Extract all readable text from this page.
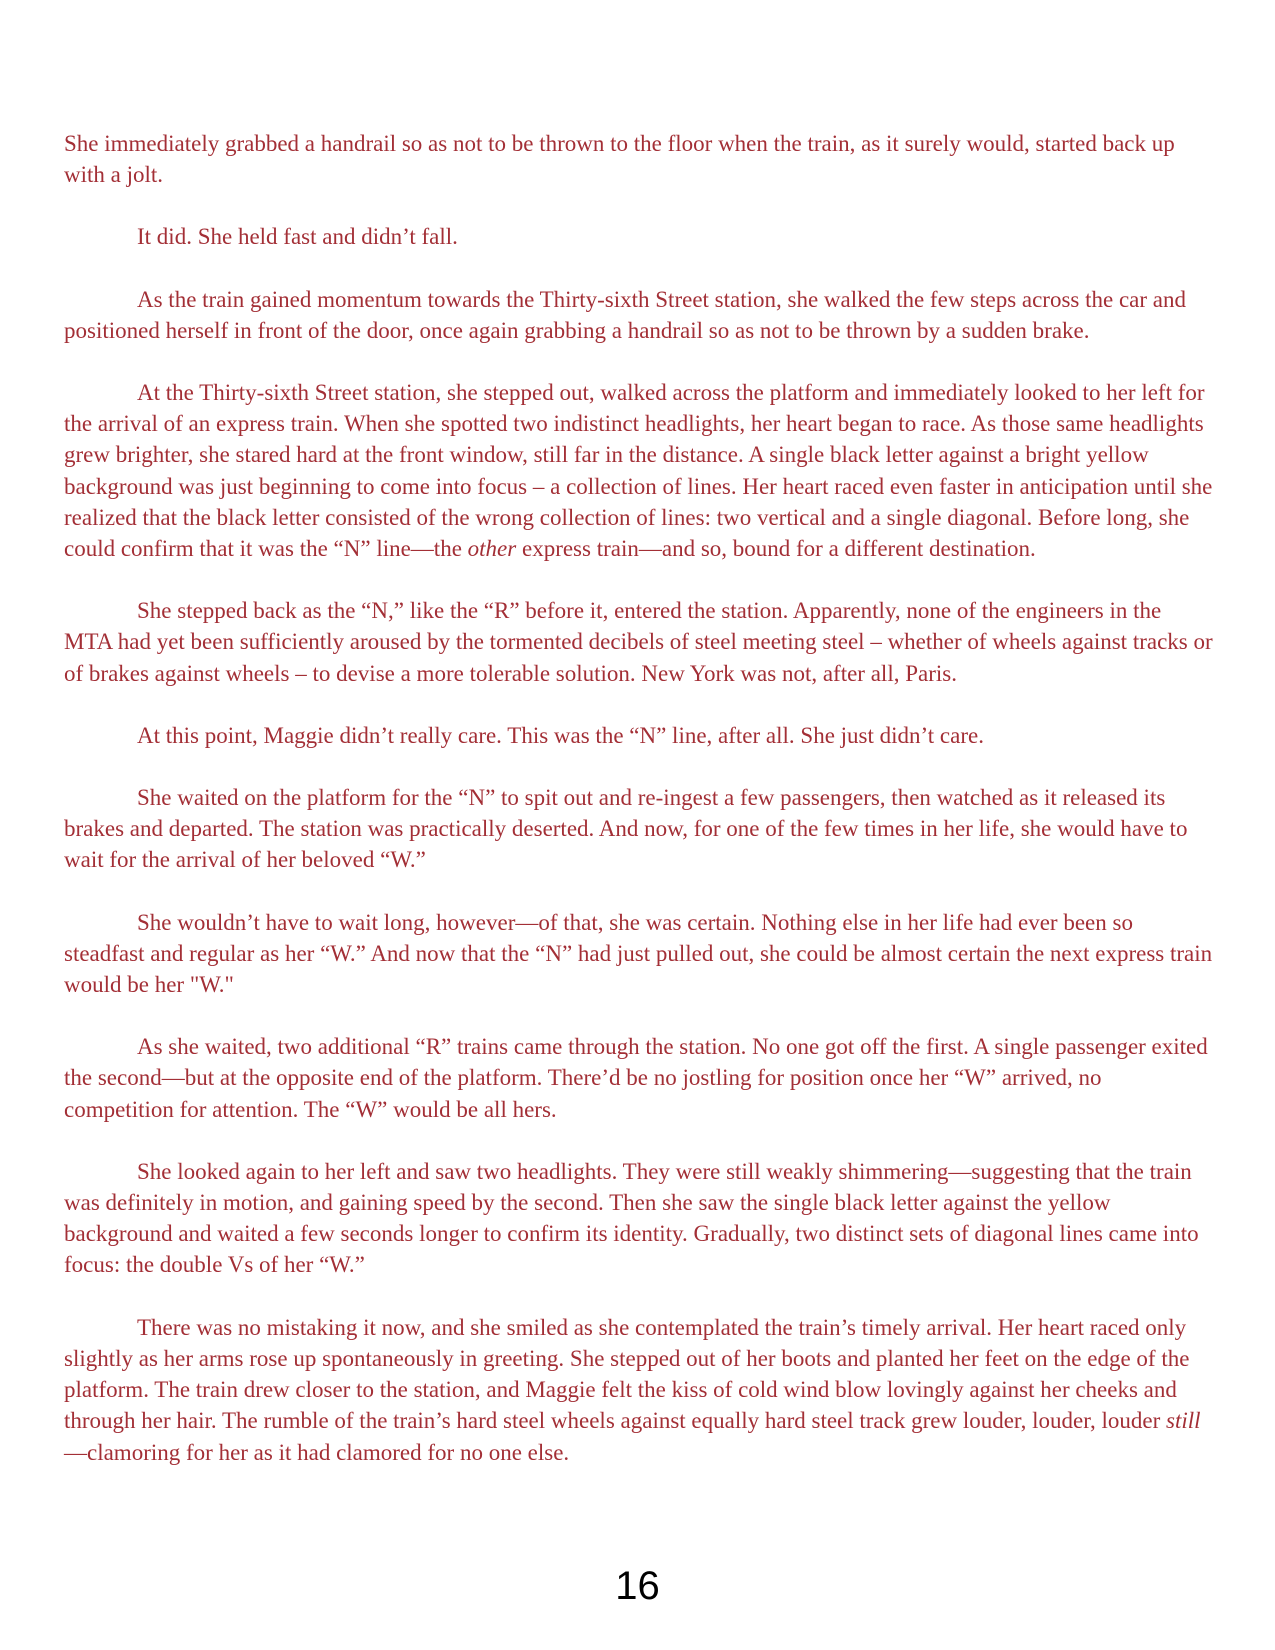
She immediately grabbed a handrail so as not to be thrown to the floor when the train, as it surely would, started back up with a jolt.

It did. She held fast and didn’t fall.

As the train gained momentum towards the Thirty-sixth Street station, she walked the few steps across the car and positioned herself in front of the door, once again grabbing a handrail so as not to be thrown by a sudden brake.

At the Thirty-sixth Street station, she stepped out, walked across the platform and immediately looked to her left for the arrival of an express train. When she spotted two indistinct headlights, her heart began to race. As those same headlights grew brighter, she stared hard at the front window, still far in the distance. A single black letter against a bright yellow background was just beginning to come into focus – a collection of lines. Her heart raced even faster in anticipation until she realized that the black letter consisted of the wrong collection of lines: two vertical and a single diagonal. Before long, she could confirm that it was the “N” line—the other express train—and so, bound for a different destination.

She stepped back as the “N,” like the “R” before it, entered the station. Apparently, none of the engineers in the MTA had yet been sufficiently aroused by the tormented decibels of steel meeting steel – whether of wheels against tracks or of brakes against wheels – to devise a more tolerable solution. New York was not, after all, Paris.

At this point, Maggie didn’t really care. This was the “N” line, after all. She just didn’t care.

She waited on the platform for the “N” to spit out and re-ingest a few passengers, then watched as it released its brakes and departed. The station was practically deserted. And now, for one of the few times in her life, she would have to wait for the arrival of her beloved “W.”

She wouldn’t have to wait long, however—of that, she was certain. Nothing else in her life had ever been so steadfast and regular as her “W.” And now that the “N” had just pulled out, she could be almost certain the next express train would be her "W."

As she waited, two additional “R” trains came through the station. No one got off the first. A single passenger exited the second—but at the opposite end of the platform. There’d be no jostling for position once her “W” arrived, no competition for attention. The “W” would be all hers.

She looked again to her left and saw two headlights. They were still weakly shimmering—suggesting that the train was definitely in motion, and gaining speed by the second. Then she saw the single black letter against the yellow background and waited a few seconds longer to confirm its identity. Gradually, two distinct sets of diagonal lines came into focus: the double Vs of her “W.”

There was no mistaking it now, and she smiled as she contemplated the train’s timely arrival. Her heart raced only slightly as her arms rose up spontaneously in greeting. She stepped out of her boots and planted her feet on the edge of the platform. The train drew closer to the station, and Maggie felt the kiss of cold wind blow lovingly against her cheeks and through her hair. The rumble of the train’s hard steel wheels against equally hard steel track grew louder, louder, louder still—clamoring for her as it had clamored for no one else.

16
